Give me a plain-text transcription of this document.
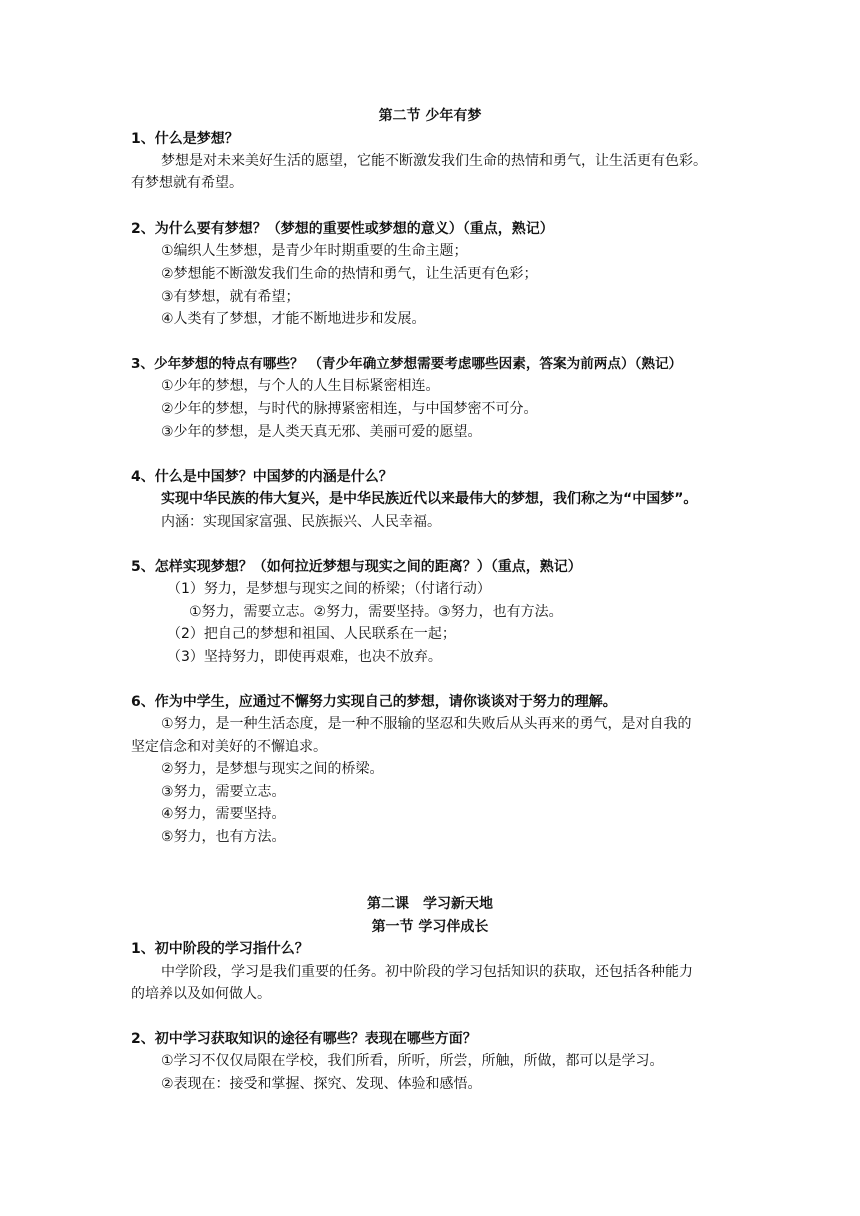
第二节 少年有梦
1、什么是梦想？
梦想是对未来美好生活的愿望，它能不断激发我们生命的热情和勇气，让生活更有色彩。
有梦想就有希望。
2、为什么要有梦想？（梦想的重要性或梦想的意义）（重点，熟记）
①编织人生梦想，是青少年时期重要的生命主题；
②梦想能不断激发我们生命的热情和勇气，让生活更有色彩；
③有梦想，就有希望；
④人类有了梦想，才能不断地进步和发展。
3、少年梦想的特点有哪些？ （青少年确立梦想需要考虑哪些因素，答案为前两点）（熟记）
①少年的梦想，与个人的人生目标紧密相连。
②少年的梦想，与时代的脉搏紧密相连，与中国梦密不可分。
③少年的梦想，是人类天真无邪、美丽可爱的愿望。
4、什么是中国梦？中国梦的内涵是什么？
实现中华民族的伟大复兴，是中华民族近代以来最伟大的梦想，我们称之为“中国梦”。
内涵：实现国家富强、民族振兴、人民幸福。
5、怎样实现梦想？（如何拉近梦想与现实之间的距离？）（重点，熟记）
（1）努力，是梦想与现实之间的桥梁；（付诸行动）
①努力，需要立志。②努力，需要坚持。③努力，也有方法。
（2）把自己的梦想和祖国、人民联系在一起；
（3）坚持努力，即使再艰难，也决不放弃。
6、作为中学生，应通过不懈努力实现自己的梦想，请你谈谈对于努力的理解。
①努力，是一种生活态度，是一种不服输的坚忍和失败后从头再来的勇气，是对自我的
坚定信念和对美好的不懈追求。
②努力，是梦想与现实之间的桥梁。
③努力，需要立志。
④努力，需要坚持。
⑤努力，也有方法。
第二课　学习新天地
第一节 学习伴成长
1、初中阶段的学习指什么？
中学阶段，学习是我们重要的任务。初中阶段的学习包括知识的获取，还包括各种能力
的培养以及如何做人。
2、初中学习获取知识的途径有哪些？表现在哪些方面？
①学习不仅仅局限在学校，我们所看，所听，所尝，所触，所做，都可以是学习。
②表现在：接受和掌握、探究、发现、体验和感悟。
